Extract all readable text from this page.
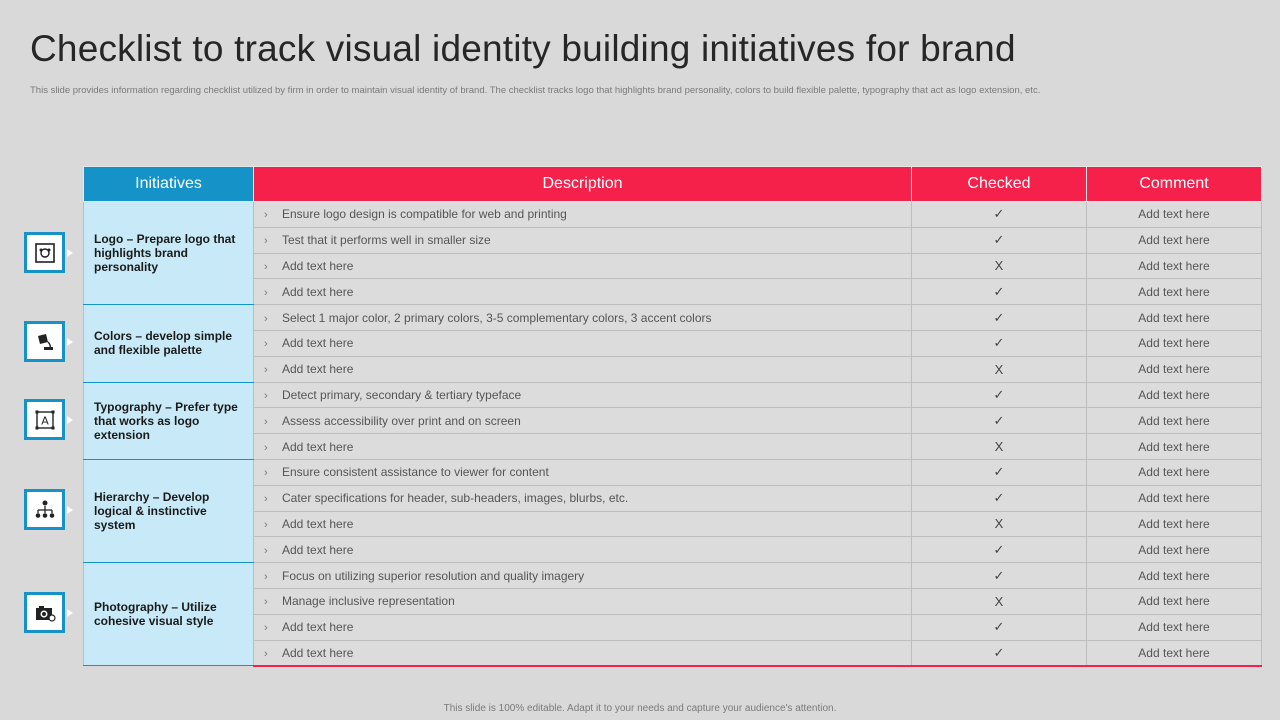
Checklist to track visual identity building initiatives for brand
This slide provides information regarding checklist utilized by firm in order to maintain visual identity of brand. The checklist tracks logo that highlights brand personality, colors to build flexible palette, typography that act as logo extension, etc.
A
Initiatives	Description	Checked	Comment
Logo – Prepare logo that highlights brand personality	› Ensure logo design is compatible for web and printing	✓	Add text here
	› Test that it performs well in smaller size	✓	Add text here
	› Add text here	X	Add text here
	› Add text here	✓	Add text here
Colors – develop simple and flexible palette	› Select 1 major color, 2 primary colors, 3-5 complementary colors, 3 accent colors	✓	Add text here
	› Add text here	✓	Add text here
	› Add text here	X	Add text here
Typography – Prefer type that works as logo extension	› Detect primary, secondary & tertiary typeface	✓	Add text here
	› Assess accessibility over print and on screen	✓	Add text here
	› Add text here	X	Add text here
Hierarchy – Develop logical & instinctive system	› Ensure consistent assistance to viewer for content	✓	Add text here
	› Cater specifications for header, sub-headers, images, blurbs, etc.	✓	Add text here
	› Add text here	X	Add text here
	› Add text here	✓	Add text here
Photography – Utilize cohesive visual style	› Focus on utilizing superior resolution and quality imagery	✓	Add text here
	› Manage inclusive representation	X	Add text here
	› Add text here	✓	Add text here
	› Add text here	✓	Add text here
This slide is 100% editable. Adapt it to your needs and capture your audience's attention.
